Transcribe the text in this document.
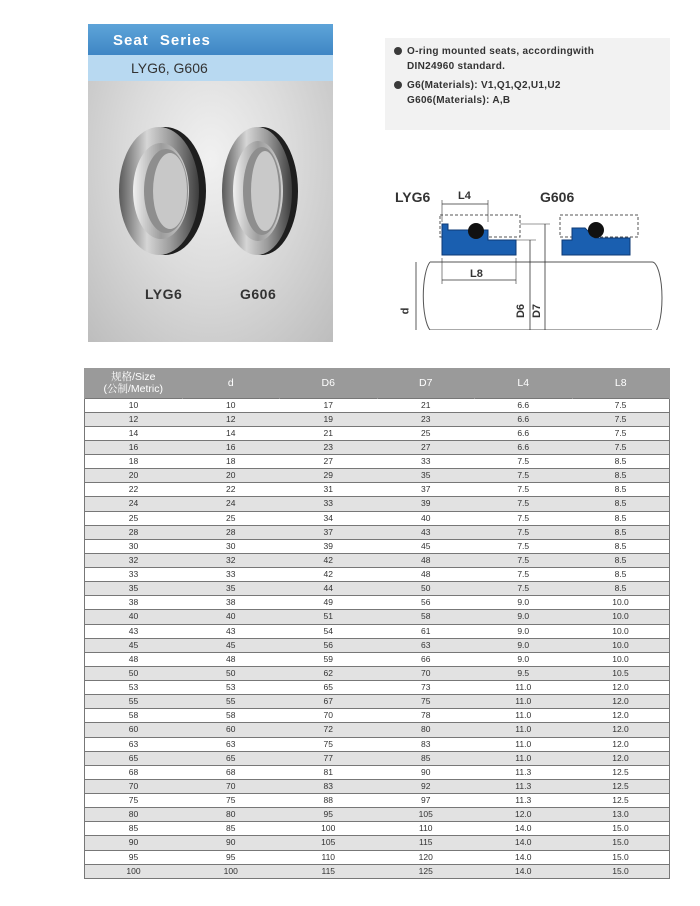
Seat Series
LYG6, G606
LYG6	G606
O-ring mounted seats, accordingwith
DIN24960 standard.
G6(Materials): V1,Q1,Q2,U1,U2
G606(Materials): A,B
LYG6	G606
L4
L8
d	D6 D7
规格/Size
(公制/Metric)	d	D6	D7	L4	L8
10	10	17	21	6.6	7.5
12	12	19	23	6.6	7.5
14	14	21	25	6.6	7.5
16	16	23	27	6.6	7.5
18	18	27	33	7.5	8.5
20	20	29	35	7.5	8.5
22	22	31	37	7.5	8.5
24	24	33	39	7.5	8.5
25	25	34	40	7.5	8.5
28	28	37	43	7.5	8.5
30	30	39	45	7.5	8.5
32	32	42	48	7.5	8.5
33	33	42	48	7.5	8.5
35	35	44	50	7.5	8.5
38	38	49	56	9.0	10.0
40	40	51	58	9.0	10.0
43	43	54	61	9.0	10.0
45	45	56	63	9.0	10.0
48	48	59	66	9.0	10.0
50	50	62	70	9.5	10.5
53	53	65	73	11.0	12.0
55	55	67	75	11.0	12.0
58	58	70	78	11.0	12.0
60	60	72	80	11.0	12.0
63	63	75	83	11.0	12.0
65	65	77	85	11.0	12.0
68	68	81	90	11.3	12.5
70	70	83	92	11.3	12.5
75	75	88	97	11.3	12.5
80	80	95	105	12.0	13.0
85	85	100	110	14.0	15.0
90	90	105	115	14.0	15.0
95	95	110	120	14.0	15.0
100	100	115	125	14.0	15.0
